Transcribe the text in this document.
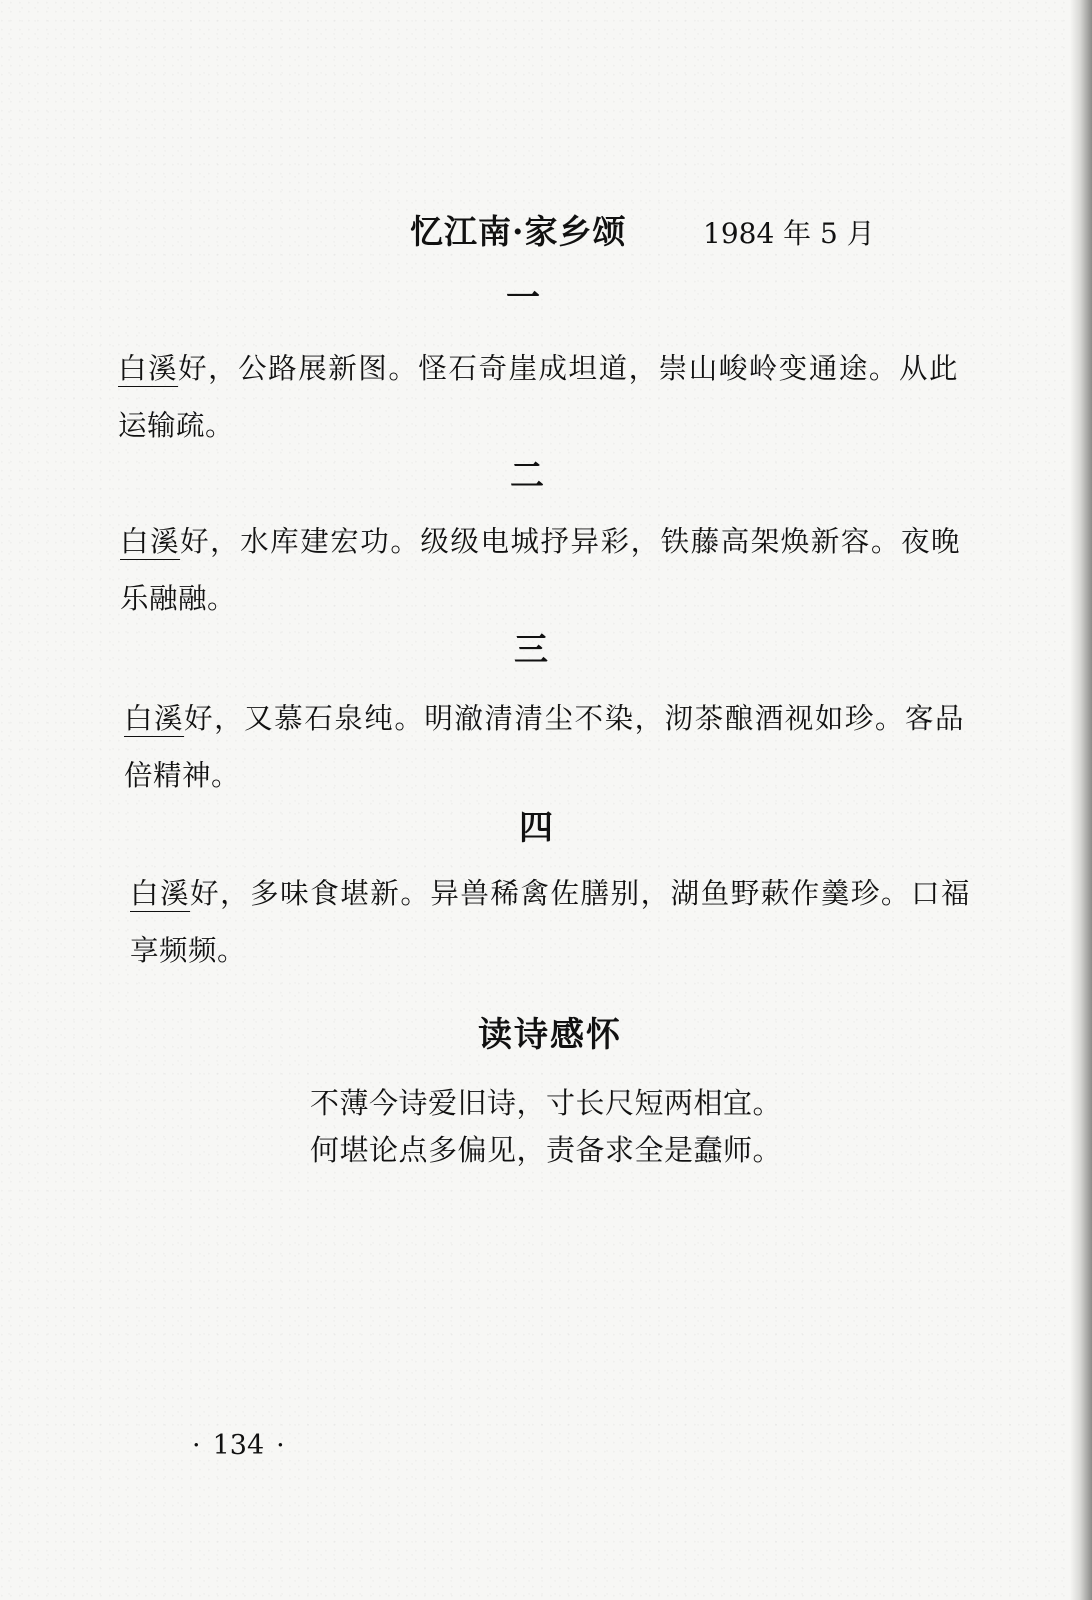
忆江南·家乡颂	1984 年 5 月
一
白溪好，公路展新图。怪石奇崖成坦道，崇山峻岭变通途。从此运输疏。
二
白溪好，水库建宏功。级级电城抒异彩，铁藤高架焕新容。夜晚乐融融。
三
白溪好，又慕石泉纯。明澈清清尘不染，沏茶酿酒视如珍。客品倍精神。
四
白溪好，多味食堪新。异兽稀禽佐膳别，湖鱼野蔌作羹珍。口福享频频。
读诗感怀
不薄今诗爱旧诗，寸长尺短两相宜。
何堪论点多偏见，责备求全是蠢师。
· 134 ·
